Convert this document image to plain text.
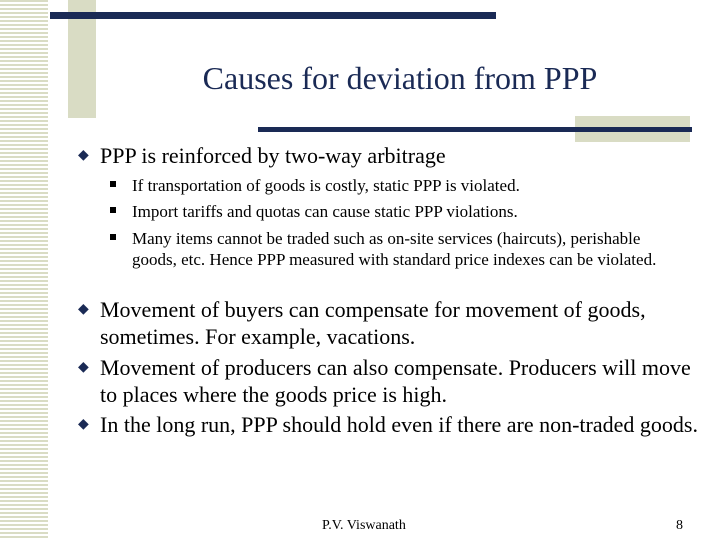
Causes for deviation from PPP
◆ PPP is reinforced by two-way arbitrage
If transportation of goods is costly, static PPP is violated.
Import tariffs and quotas can cause static PPP violations.
Many items cannot be traded such as on-site services (haircuts), perishable goods, etc. Hence PPP measured with standard price indexes can be violated.
◆ Movement of buyers can compensate for movement of goods, sometimes. For example, vacations.
◆ Movement of producers can also compensate. Producers will move to places where the goods price is high.
◆ In the long run, PPP should hold even if there are non-traded goods.
P.V. Viswanath	8
